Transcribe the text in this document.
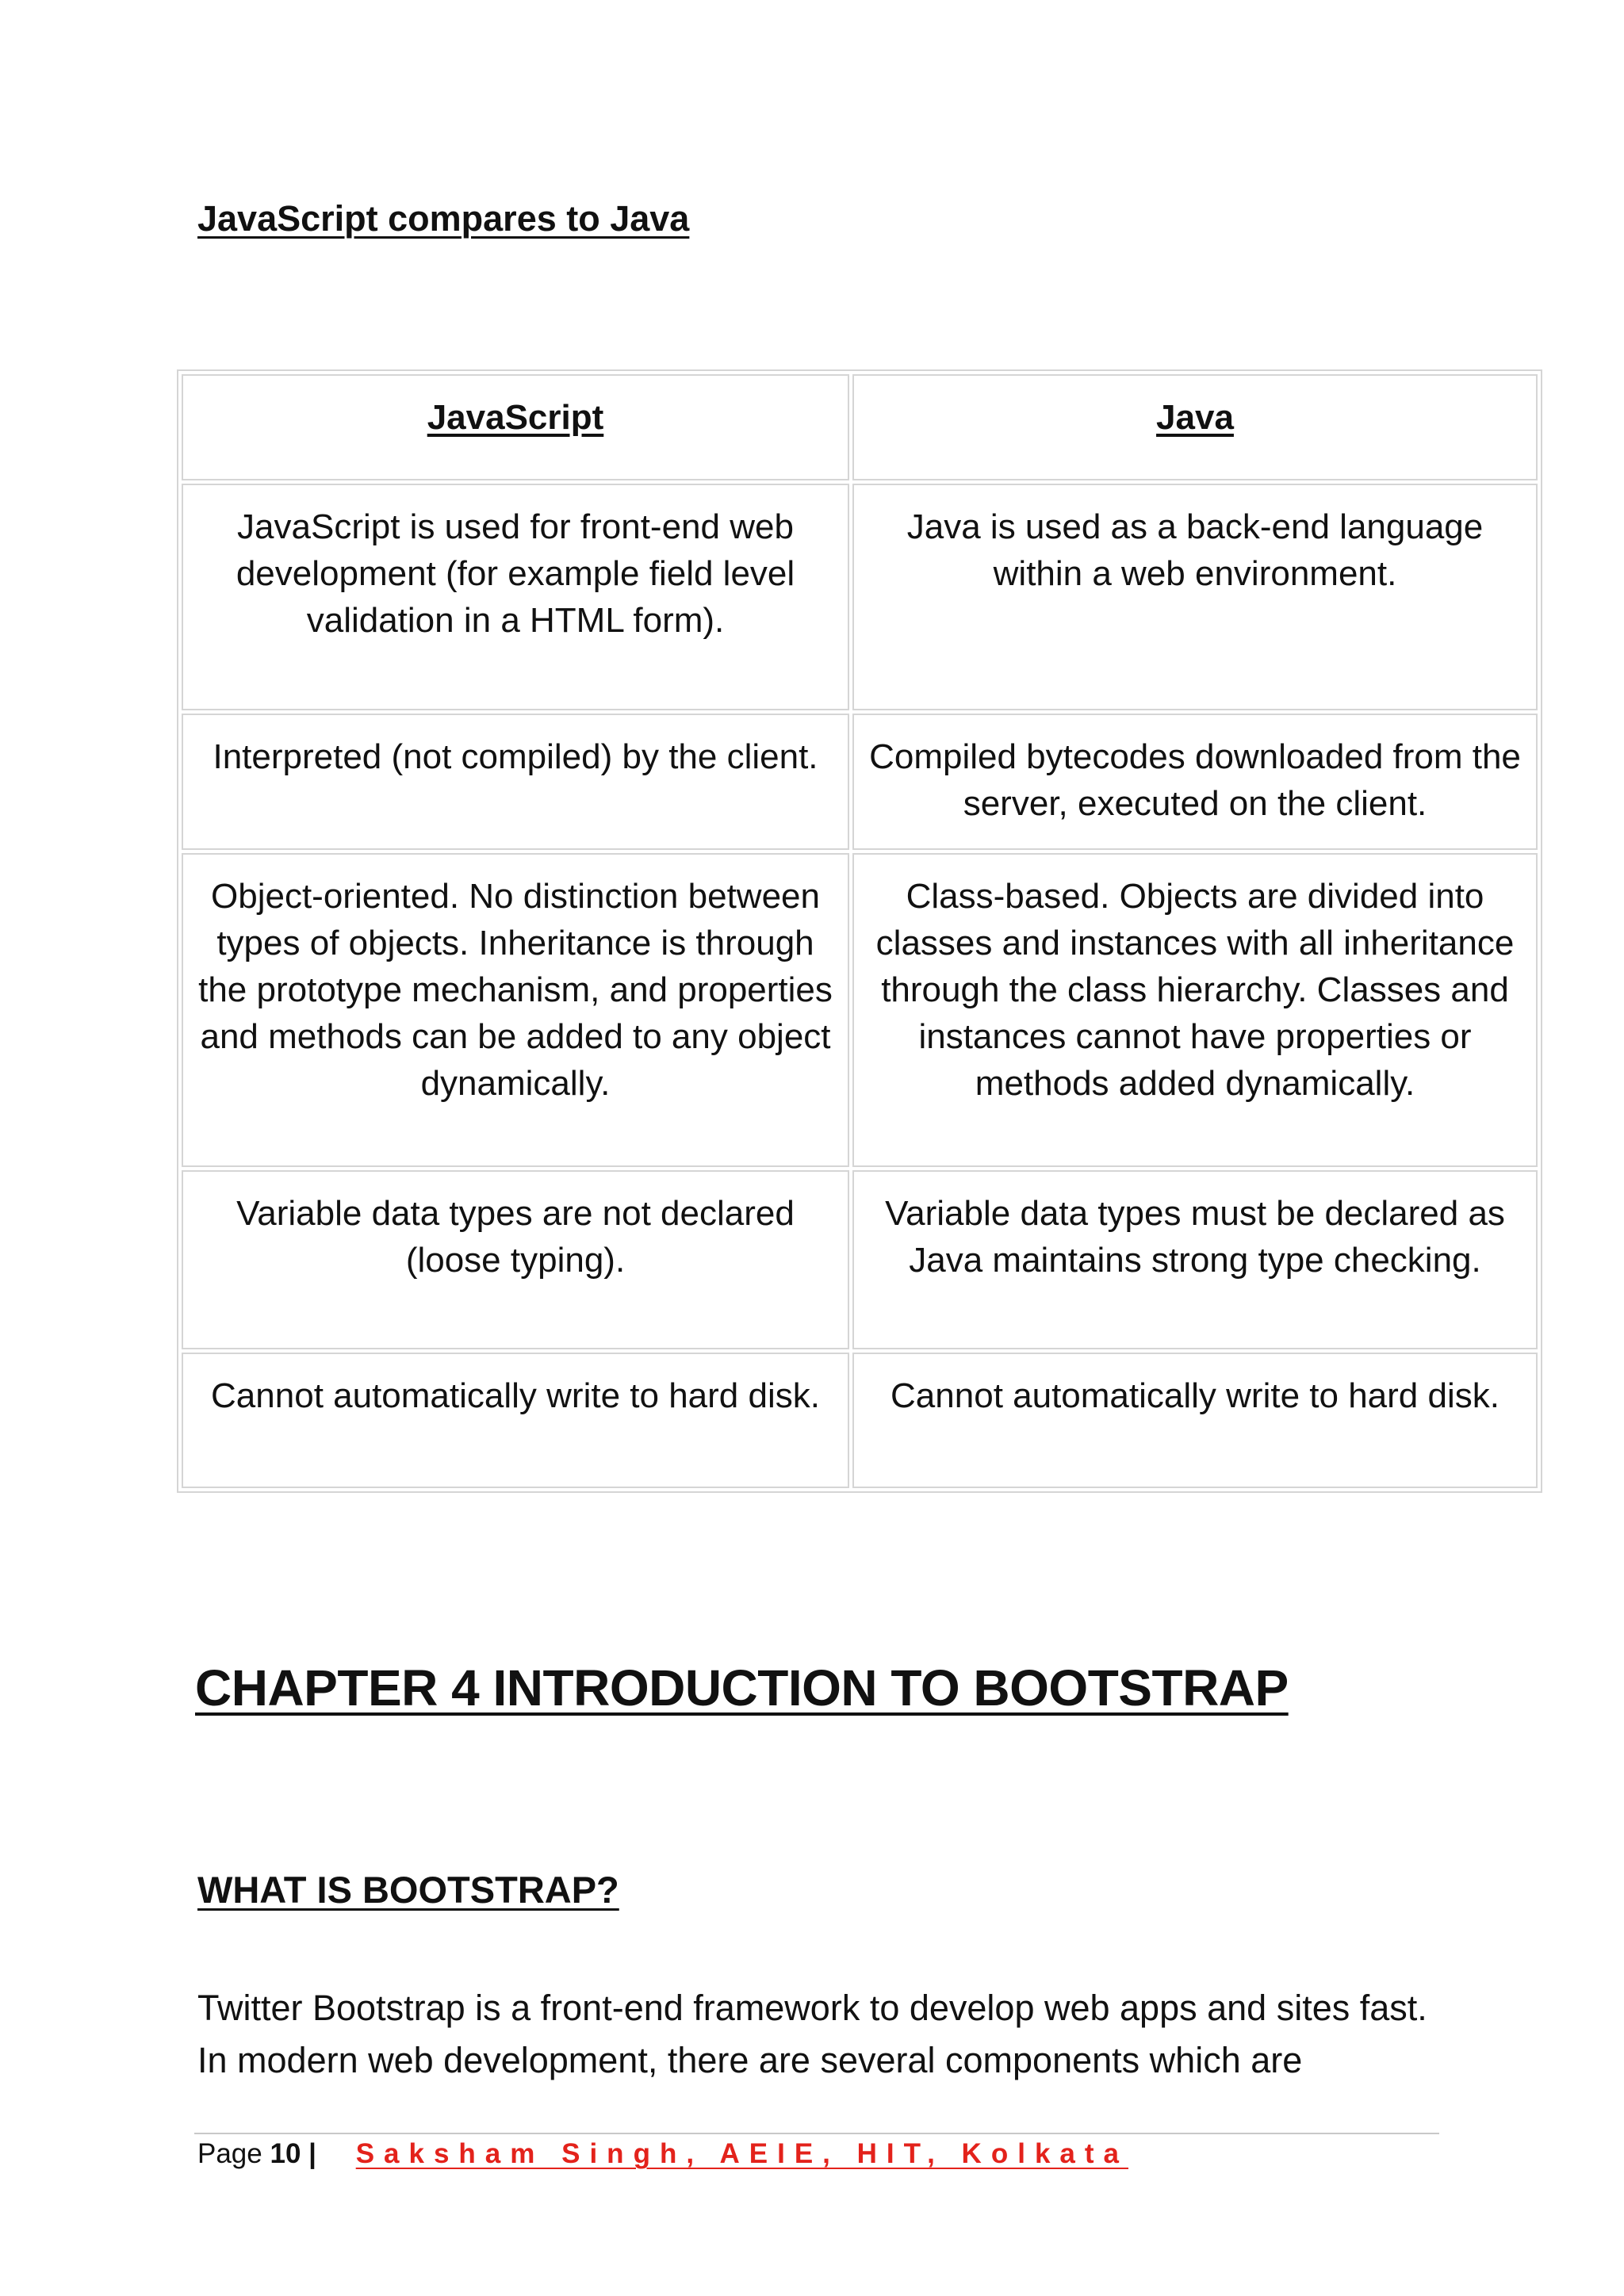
JavaScript compares to Java
JavaScript	Java
JavaScript is used for front-end web development (for example field level validation in a HTML form).	Java is used as a back-end language within a web environment.
Interpreted (not compiled) by the client.	Compiled bytecodes downloaded from the server, executed on the client.
Object-oriented. No distinction between types of objects. Inheritance is through the prototype mechanism, and properties and methods can be added to any object dynamically.	Class-based. Objects are divided into classes and instances with all inheritance through the class hierarchy. Classes and instances cannot have properties or methods added dynamically.
Variable data types are not declared (loose typing).	Variable data types must be declared as Java maintains strong type checking.
Cannot automatically write to hard disk.	Cannot automatically write to hard disk.
CHAPTER 4 INTRODUCTION TO BOOTSTRAP
WHAT IS BOOTSTRAP?

Twitter Bootstrap is a front-end framework to develop web apps and sites fast.
In modern web development, there are several components which are

Page 10 | Saksham Singh, AEIE, HIT, Kolkata
